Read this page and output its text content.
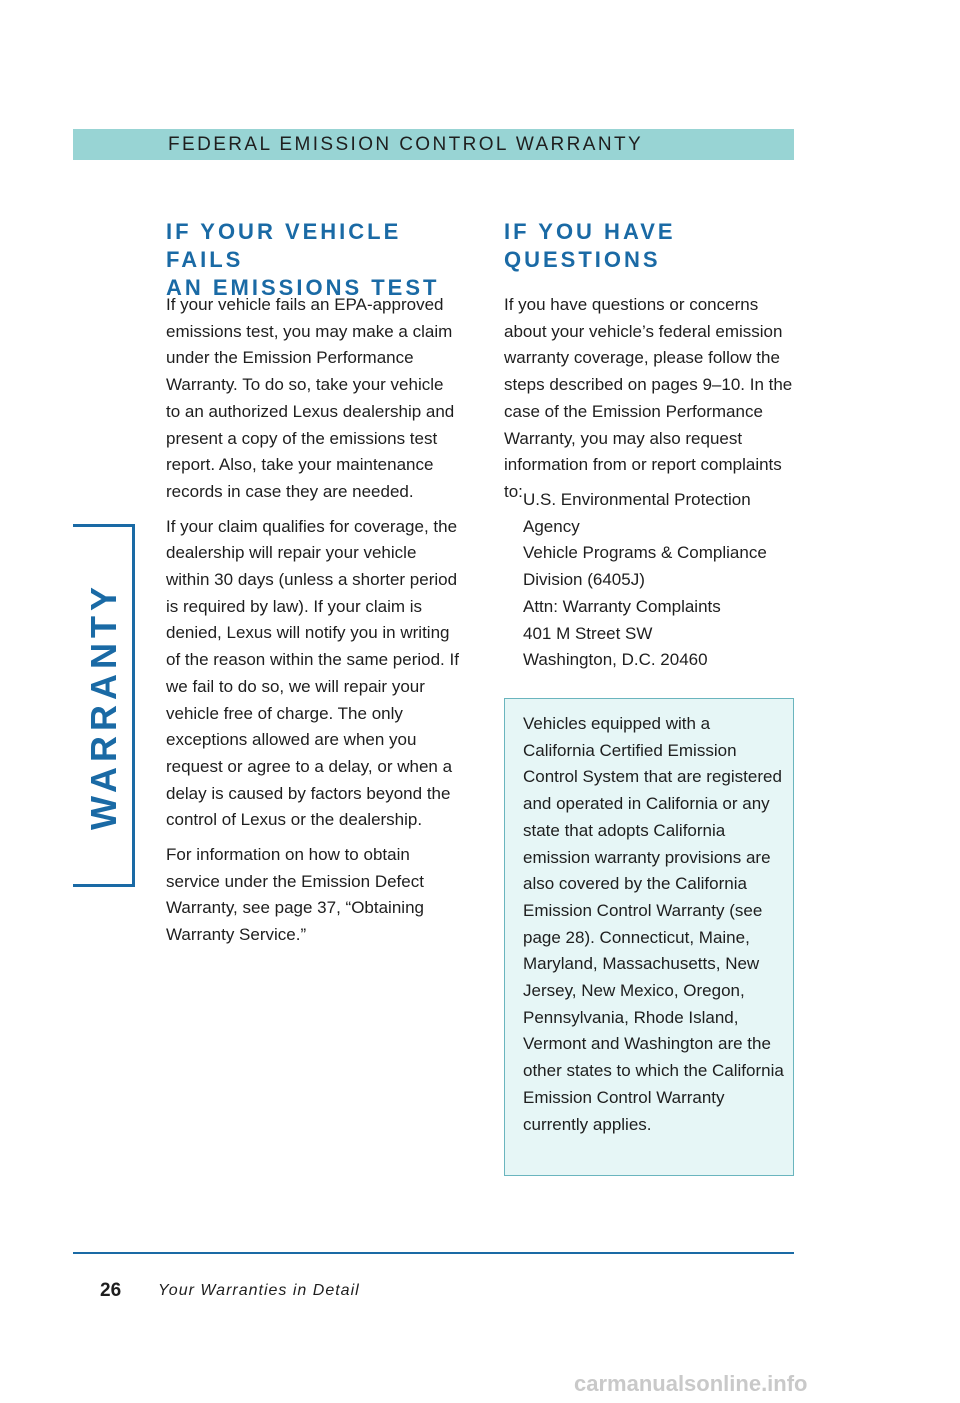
FEDERAL EMISSION CONTROL WARRANTY
WARRANTY
IF YOUR VEHICLE FAILS
AN EMISSIONS TEST

If your vehicle fails an EPA-approved emissions test, you may make a claim under the Emission Performance Warranty. To do so, take your vehicle to an authorized Lexus dealership and present a copy of the emissions test report. Also, take your maintenance records in case they are needed.

If your claim qualifies for coverage, the dealership will repair your vehicle within 30 days (unless a shorter period is required by law). If your claim is denied, Lexus will notify you in writing of the reason within the same period. If we fail to do so, we will repair your vehicle free of charge. The only exceptions allowed are when you request or agree to a delay, or when a delay is caused by factors beyond the control of Lexus or the dealership.

For information on how to obtain service under the Emission Defect Warranty, see page 37, “Obtaining Warranty Service.”

IF YOU HAVE
QUESTIONS

If you have questions or concerns about your vehicle’s federal emission warranty coverage, please follow the steps described on pages 9–10. In the case of the Emission Performance Warranty, you may also request information from or report complaints to: U.S. Environmental Protection
Agency
Vehicle Programs & Compliance
Division (6405J)
Attn: Warranty Complaints
401 M Street SW
Washington, D.C. 20460

Vehicles equipped with a California Certified Emission Control System that are registered and operated in California or any state that adopts California emission warranty provisions are also covered by the California Emission Control Warranty (see page 28). Connecticut, Maine, Maryland, Massachusetts, New Jersey, New Mexico, Oregon, Pennsylvania, Rhode Island, Vermont and Washington are the other states to which the California Emission Control Warranty currently applies.

26 Your Warranties in Detail
carmanualsonline.info
